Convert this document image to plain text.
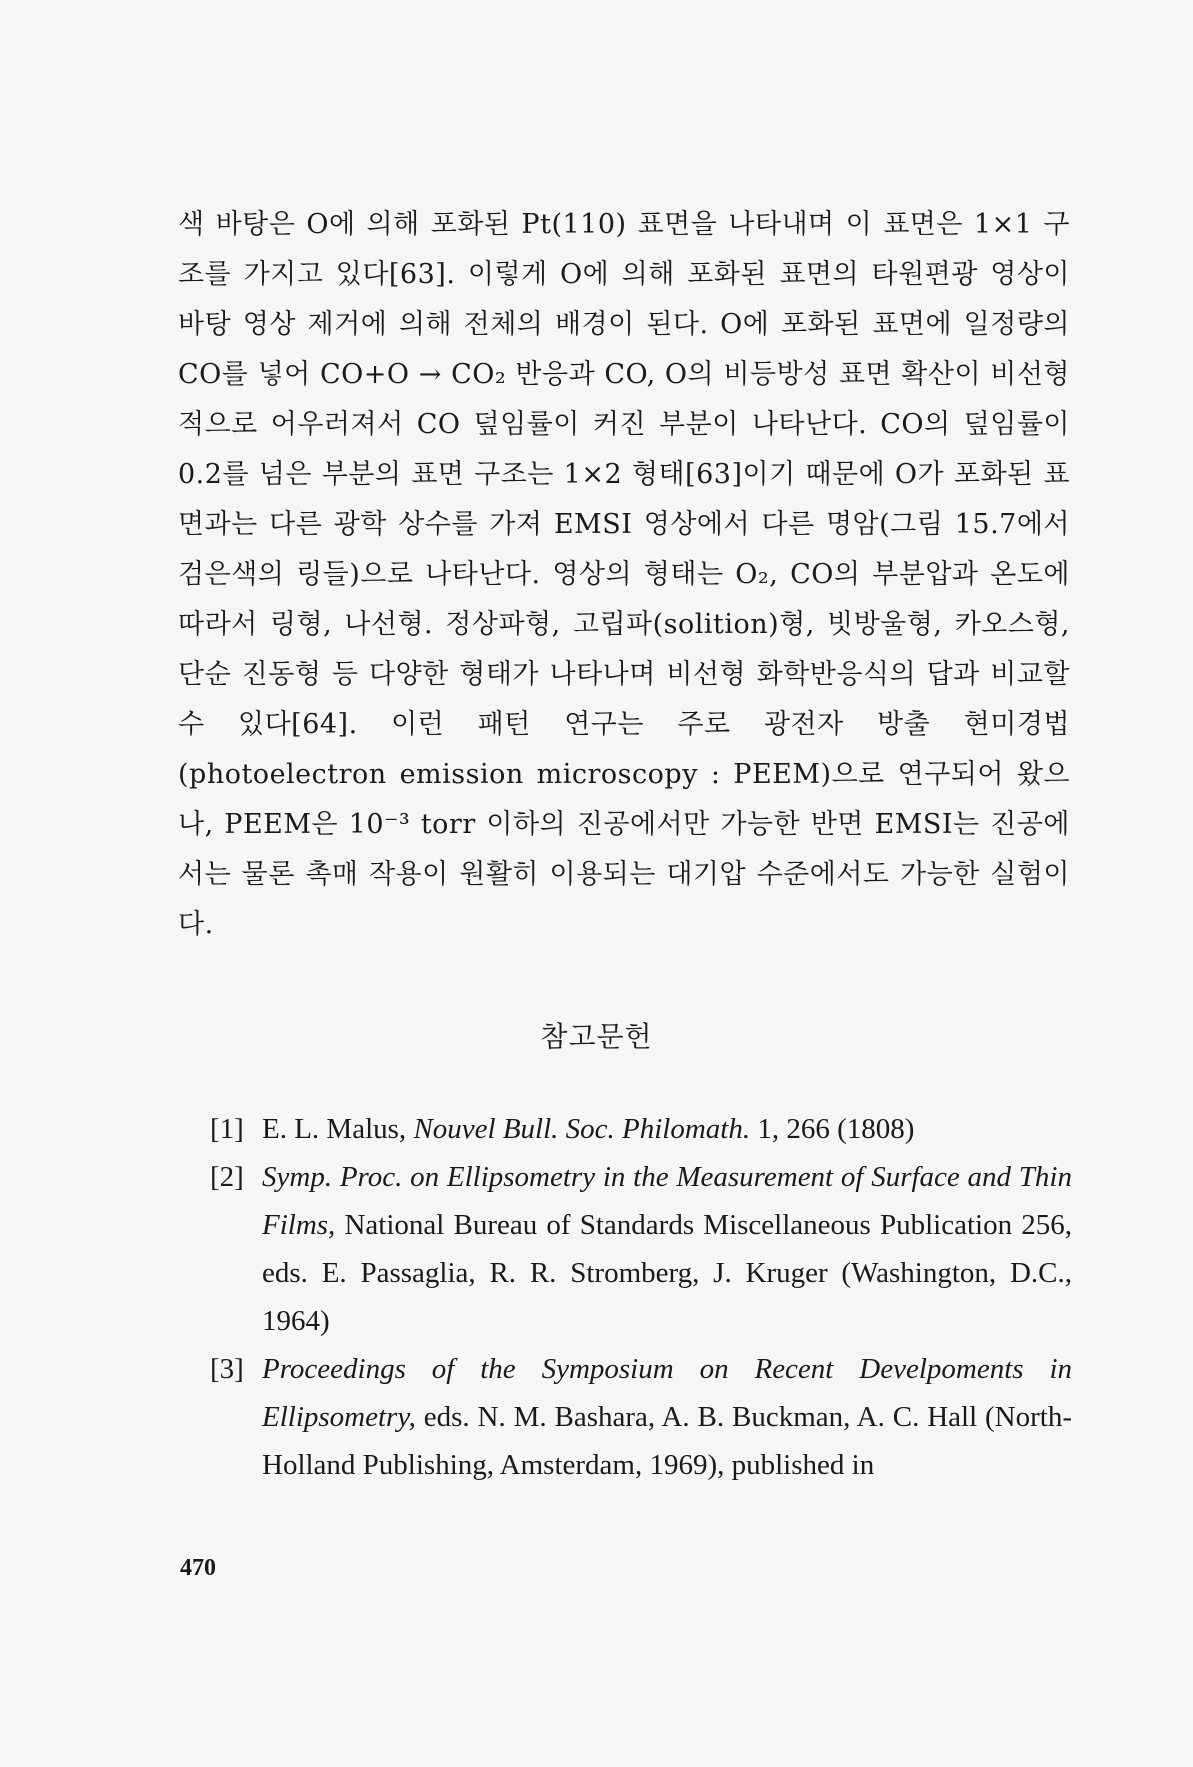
색 바탕은 O에 의해 포화된 Pt(110) 표면을 나타내며 이 표면은 1×1 구조를 가지고 있다[63]. 이렇게 O에 의해 포화된 표면의 타원편광 영상이 바탕 영상 제거에 의해 전체의 배경이 된다. O에 포화된 표면에 일정량의 CO를 넣어 CO+O → CO₂ 반응과 CO, O의 비등방성 표면 확산이 비선형적으로 어우러져서 CO 덮임률이 커진 부분이 나타난다. CO의 덮임률이 0.2를 넘은 부분의 표면 구조는 1×2 형태[63]이기 때문에 O가 포화된 표면과는 다른 광학 상수를 가져 EMSI 영상에서 다른 명암(그림 15.7에서 검은색의 링들)으로 나타난다. 영상의 형태는 O₂, CO의 부분압과 온도에 따라서 링형, 나선형. 정상파형, 고립파(solition)형, 빗방울형, 카오스형, 단순 진동형 등 다양한 형태가 나타나며 비선형 화학반응식의 답과 비교할 수 있다[64]. 이런 패턴 연구는 주로 광전자 방출 현미경법(photoelectron emission microscopy : PEEM)으로 연구되어 왔으나, PEEM은 10⁻³ torr 이하의 진공에서만 가능한 반면 EMSI는 진공에서는 물론 촉매 작용이 원활히 이용되는 대기압 수준에서도 가능한 실험이다.
참고문헌
[1] E. L. Malus, Nouvel Bull. Soc. Philomath. 1, 266 (1808)
[2] Symp. Proc. on Ellipsometry in the Measurement of Surface and Thin Films, National Bureau of Standards Miscellaneous Publication 256, eds. E. Passaglia, R. R. Stromberg, J. Kruger (Washington, D.C., 1964)
[3] Proceedings of the Symposium on Recent Develpoments in Ellipsometry, eds. N. M. Bashara, A. B. Buckman, A. C. Hall (North-Holland Publishing, Amsterdam, 1969), published in
470
